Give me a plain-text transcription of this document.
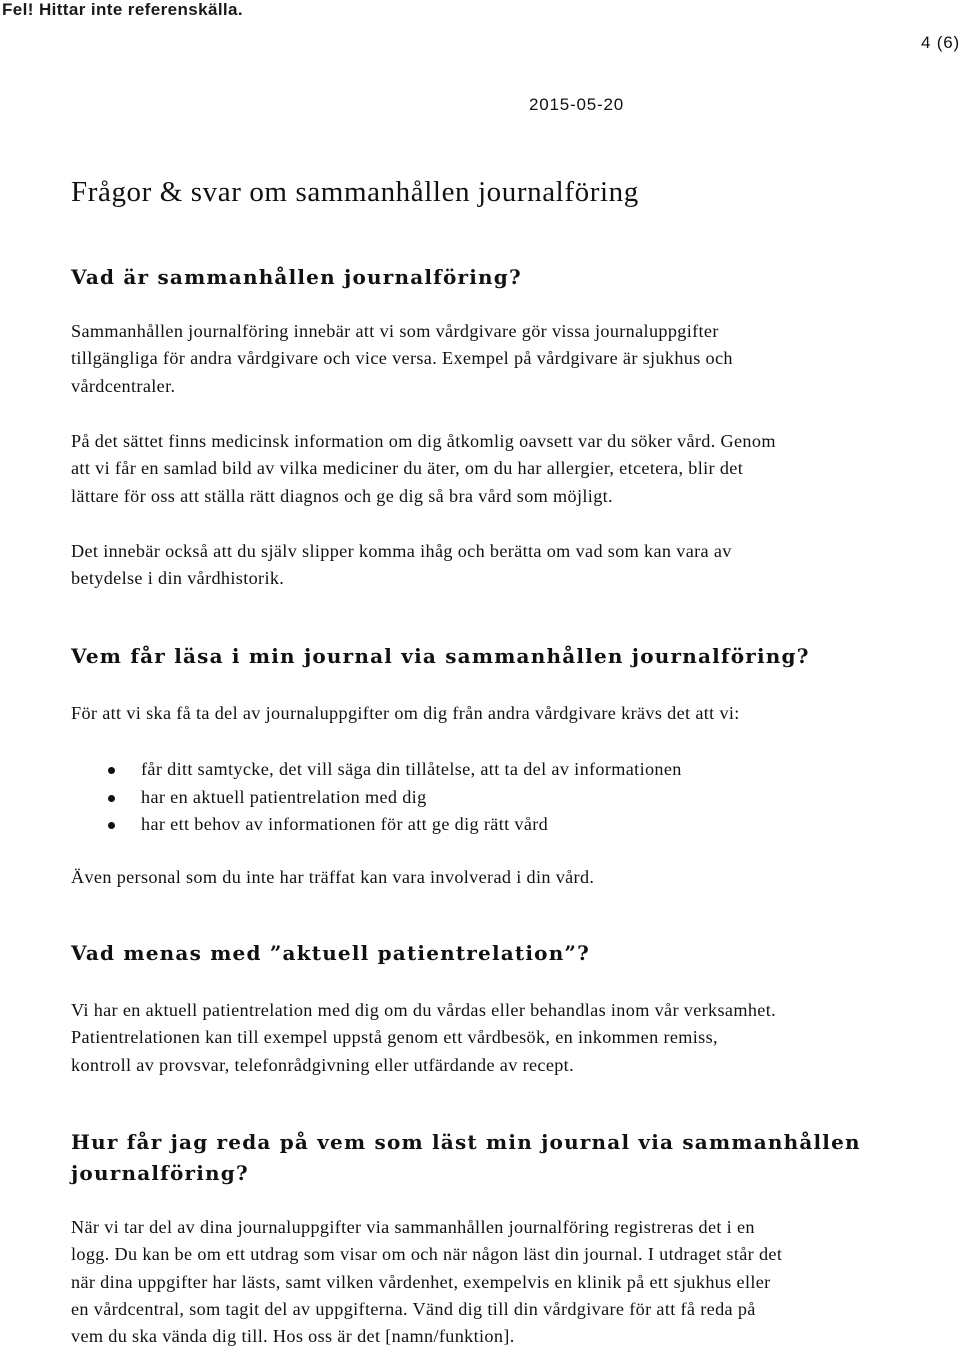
Fel! Hittar inte referenskälla.
4 (6)
2015-05-20
Frågor & svar om sammanhållen journalföring
Vad är sammanhållen journalföring?

Sammanhållen journalföring innebär att vi som vårdgivare gör vissa journaluppgifter
tillgängliga för andra vårdgivare och vice versa. Exempel på vårdgivare är sjukhus och
vårdcentraler.

På det sättet finns medicinsk information om dig åtkomlig oavsett var du söker vård. Genom
att vi får en samlad bild av vilka mediciner du äter, om du har allergier, etcetera, blir det
lättare för oss att ställa rätt diagnos och ge dig så bra vård som möjligt.

Det innebär också att du själv slipper komma ihåg och berätta om vad som kan vara av
betydelse i din vårdhistorik.

Vem får läsa i min journal via sammanhållen journalföring?

För att vi ska få ta del av journaluppgifter om dig från andra vårdgivare krävs det att vi:

får ditt samtycke, det vill säga din tillåtelse, att ta del av informationen
har en aktuell patientrelation med dig
har ett behov av informationen för att ge dig rätt vård

Även personal som du inte har träffat kan vara involverad i din vård.

Vad menas med ”aktuell patientrelation”?

Vi har en aktuell patientrelation med dig om du vårdas eller behandlas inom vår verksamhet.
Patientrelationen kan till exempel uppstå genom ett vårdbesök, en inkommen remiss,
kontroll av provsvar, telefonrådgivning eller utfärdande av recept.

Hur får jag reda på vem som läst min journal via sammanhållen
journalföring?

När vi tar del av dina journaluppgifter via sammanhållen journalföring registreras det i en
logg. Du kan be om ett utdrag som visar om och när någon läst din journal. I utdraget står det
när dina uppgifter har lästs, samt vilken vårdenhet, exempelvis en klinik på ett sjukhus eller
en vårdcentral, som tagit del av uppgifterna. Vänd dig till din vårdgivare för att få reda på
vem du ska vända dig till. Hos oss är det [namn/funktion].
